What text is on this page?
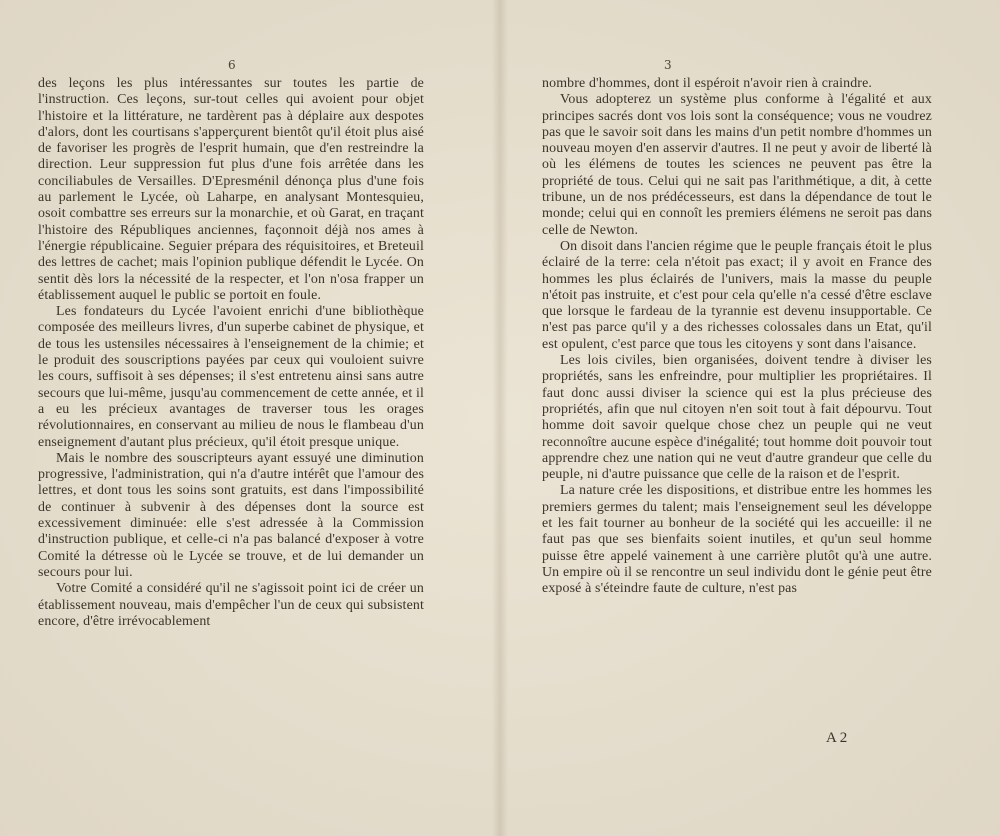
6

des leçons les plus intéressantes sur toutes les partie de l'instruction. Ces leçons, sur-tout celles qui avoient pour objet l'histoire et la littérature, ne tardèrent pas à déplaire aux despotes d'alors, dont les courtisans s'apperçurent bientôt qu'il étoit plus aisé de favoriser les progrès de l'esprit humain, que d'en restreindre la direction. Leur suppression fut plus d'une fois arrêtée dans les conciliabules de Versailles. D'Epresménil dénonça plus d'une fois au parlement le Lycée, où Laharpe, en analysant Montesquieu, osoit combattre ses erreurs sur la monarchie, et où Garat, en traçant l'histoire des Républiques anciennes, façonnoit déjà nos ames à l'énergie républicaine. Seguier prépara des réquisitoires, et Breteuil des lettres de cachet; mais l'opinion publique défendit le Lycée. On sentit dès lors la nécessité de la respecter, et l'on n'osa frapper un établissement auquel le public se portoit en foule.

Les fondateurs du Lycée l'avoient enrichi d'une bibliothèque composée des meilleurs livres, d'un superbe cabinet de physique, et de tous les ustensiles nécessaires à l'enseignement de la chimie; et le produit des souscriptions payées par ceux qui vouloient suivre les cours, suffisoit à ses dépenses; il s'est entretenu ainsi sans autre secours que lui-même, jusqu'au commencement de cette année, et il a eu les précieux avantages de traverser tous les orages révolutionnaires, en conservant au milieu de nous le flambeau d'un enseignement d'autant plus précieux, qu'il étoit presque unique.

Mais le nombre des souscripteurs ayant essuyé une diminution progressive, l'administration, qui n'a d'autre intérêt que l'amour des lettres, et dont tous les soins sont gratuits, est dans l'impossibilité de continuer à subvenir à des dépenses dont la source est excessivement diminuée: elle s'est adressée à la Commission d'instruction publique, et celle-ci n'a pas balancé d'exposer à votre Comité la détresse où le Lycée se trouve, et de lui demander un secours pour lui.

Votre Comité a considéré qu'il ne s'agissoit point ici de créer un établissement nouveau, mais d'empêcher l'un de ceux qui subsistent encore, d'être irrévocablement

3

nombre d'hommes, dont il espéroit n'avoir rien à craindre.

Vous adopterez un système plus conforme à l'égalité et aux principes sacrés dont vos lois sont la conséquence; vous ne voudrez pas que le savoir soit dans les mains d'un petit nombre d'hommes un nouveau moyen d'en asservir d'autres. Il ne peut y avoir de liberté là où les élémens de toutes les sciences ne peuvent pas être la propriété de tous. Celui qui ne sait pas l'arithmétique, a dit, à cette tribune, un de nos prédécesseurs, est dans la dépendance de tout le monde; celui qui en connoît les premiers élémens ne seroit pas dans celle de Newton.

On disoit dans l'ancien régime que le peuple français étoit le plus éclairé de la terre: cela n'étoit pas exact; il y avoit en France des hommes les plus éclairés de l'univers, mais la masse du peuple n'étoit pas instruite, et c'est pour cela qu'elle n'a cessé d'être esclave que lorsque le fardeau de la tyrannie est devenu insupportable. Ce n'est pas parce qu'il y a des richesses colossales dans un Etat, qu'il est opulent, c'est parce que tous les citoyens y sont dans l'aisance.

Les lois civiles, bien organisées, doivent tendre à diviser les propriétés, sans les enfreindre, pour multiplier les propriétaires. Il faut donc aussi diviser la science qui est la plus précieuse des propriétés, afin que nul citoyen n'en soit tout à fait dépourvu. Tout homme doit savoir quelque chose chez un peuple qui ne veut reconnoître aucune espèce d'inégalité; tout homme doit pouvoir tout apprendre chez une nation qui ne veut d'autre grandeur que celle du peuple, ni d'autre puissance que celle de la raison et de l'esprit.

La nature crée les dispositions, et distribue entre les hommes les premiers germes du talent; mais l'enseignement seul les développe et les fait tourner au bonheur de la société qui les accueille: il ne faut pas que ses bienfaits soient inutiles, et qu'un seul homme puisse être appelé vainement à une carrière plutôt qu'à une autre. Un empire où il se rencontre un seul individu dont le génie peut être exposé à s'éteindre faute de culture, n'est pas

A 2
